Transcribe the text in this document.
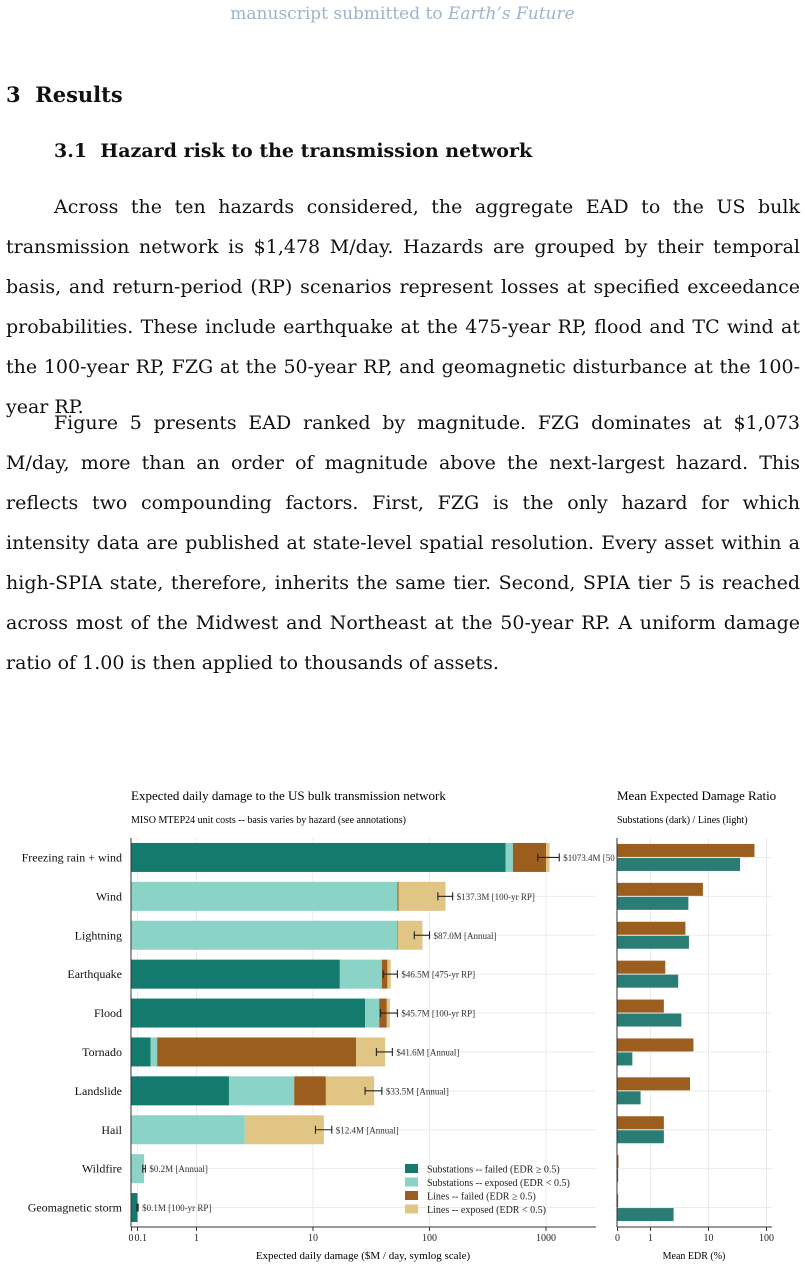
manuscript submitted to Earth’s Future
3 Results
3.1 Hazard risk to the transmission network

Across the ten hazards considered, the aggregate EAD to the US bulk transmission network is $1,478 M/day. Hazards are grouped by their temporal basis, and return-period (RP) scenarios represent losses at specified exceedance probabilities. These include earthquake at the 475-year RP, flood and TC wind at the 100-year RP, FZG at the 50-year RP, and geomagnetic disturbance at the 100-year RP.

Figure 5 presents EAD ranked by magnitude. FZG dominates at $1,073 M/day, more than an order of magnitude above the next-largest hazard. This reflects two compounding factors. First, FZG is the only hazard for which intensity data are published at state-level spatial resolution. Every asset within a high-SPIA state, therefore, inherits the same tier. Second, SPIA tier 5 is reached across most of the Midwest and Northeast at the 50-year RP. A uniform damage ratio of 1.00 is then applied to thousands of assets.

Expected daily damage to the US bulk transmission network
MISO MTEP24 unit costs -- basis varies by hazard (see annotations)
Mean Expected Damage Ratio
Substations (dark) / Lines (light)
$1073.4M [50
Freezing rain + wind
$137.3M [100-yr RP]
Wind
$87.0M [Annual]
Lightning
$46.5M [475-yr RP]
Earthquake
$45.7M [100-yr RP]
Flood
$41.6M [Annual]
Tornado
$33.5M [Annual]
Landslide
$12.4M [Annual]
Hail
$0.2M [Annual]
Wildfire
$0.1M [100-yr RP]
Geomagnetic storm
0 0.1	1	10	100	1000
Substations -- failed (EDR ≥ 0.5)
Substations -- exposed (EDR < 0.5)
Lines -- failed (EDR ≥ 0.5)
Lines -- exposed (EDR < 0.5)
0	1	10	100
Expected daily damage ($M / day, symlog scale)	Mean EDR (%)
